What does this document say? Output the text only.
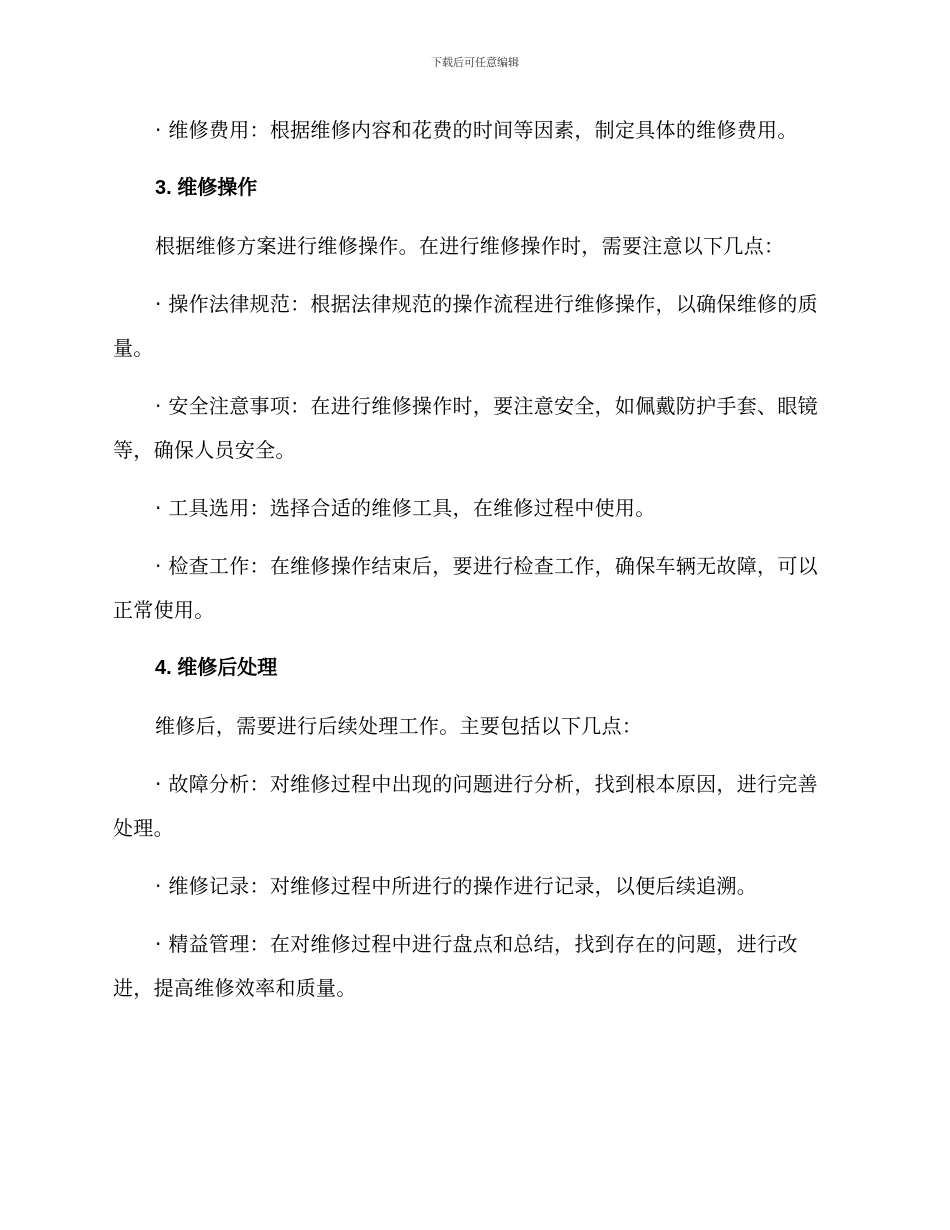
下载后可任意编辑

· 维修费用：根据维修内容和花费的时间等因素，制定具体的维修费用。

3. 维修操作

根据维修方案进行维修操作。在进行维修操作时，需要注意以下几点：

· 操作法律规范：根据法律规范的操作流程进行维修操作，以确保维修的质量。

· 安全注意事项：在进行维修操作时，要注意安全，如佩戴防护手套、眼镜等，确保人员安全。

· 工具选用：选择合适的维修工具，在维修过程中使用。

· 检查工作：在维修操作结束后，要进行检查工作，确保车辆无故障，可以正常使用。

4. 维修后处理

维修后，需要进行后续处理工作。主要包括以下几点：

· 故障分析：对维修过程中出现的问题进行分析，找到根本原因，进行完善处理。

· 维修记录：对维修过程中所进行的操作进行记录，以便后续追溯。

· 精益管理：在对维修过程中进行盘点和总结，找到存在的问题，进行改进，提高维修效率和质量。
